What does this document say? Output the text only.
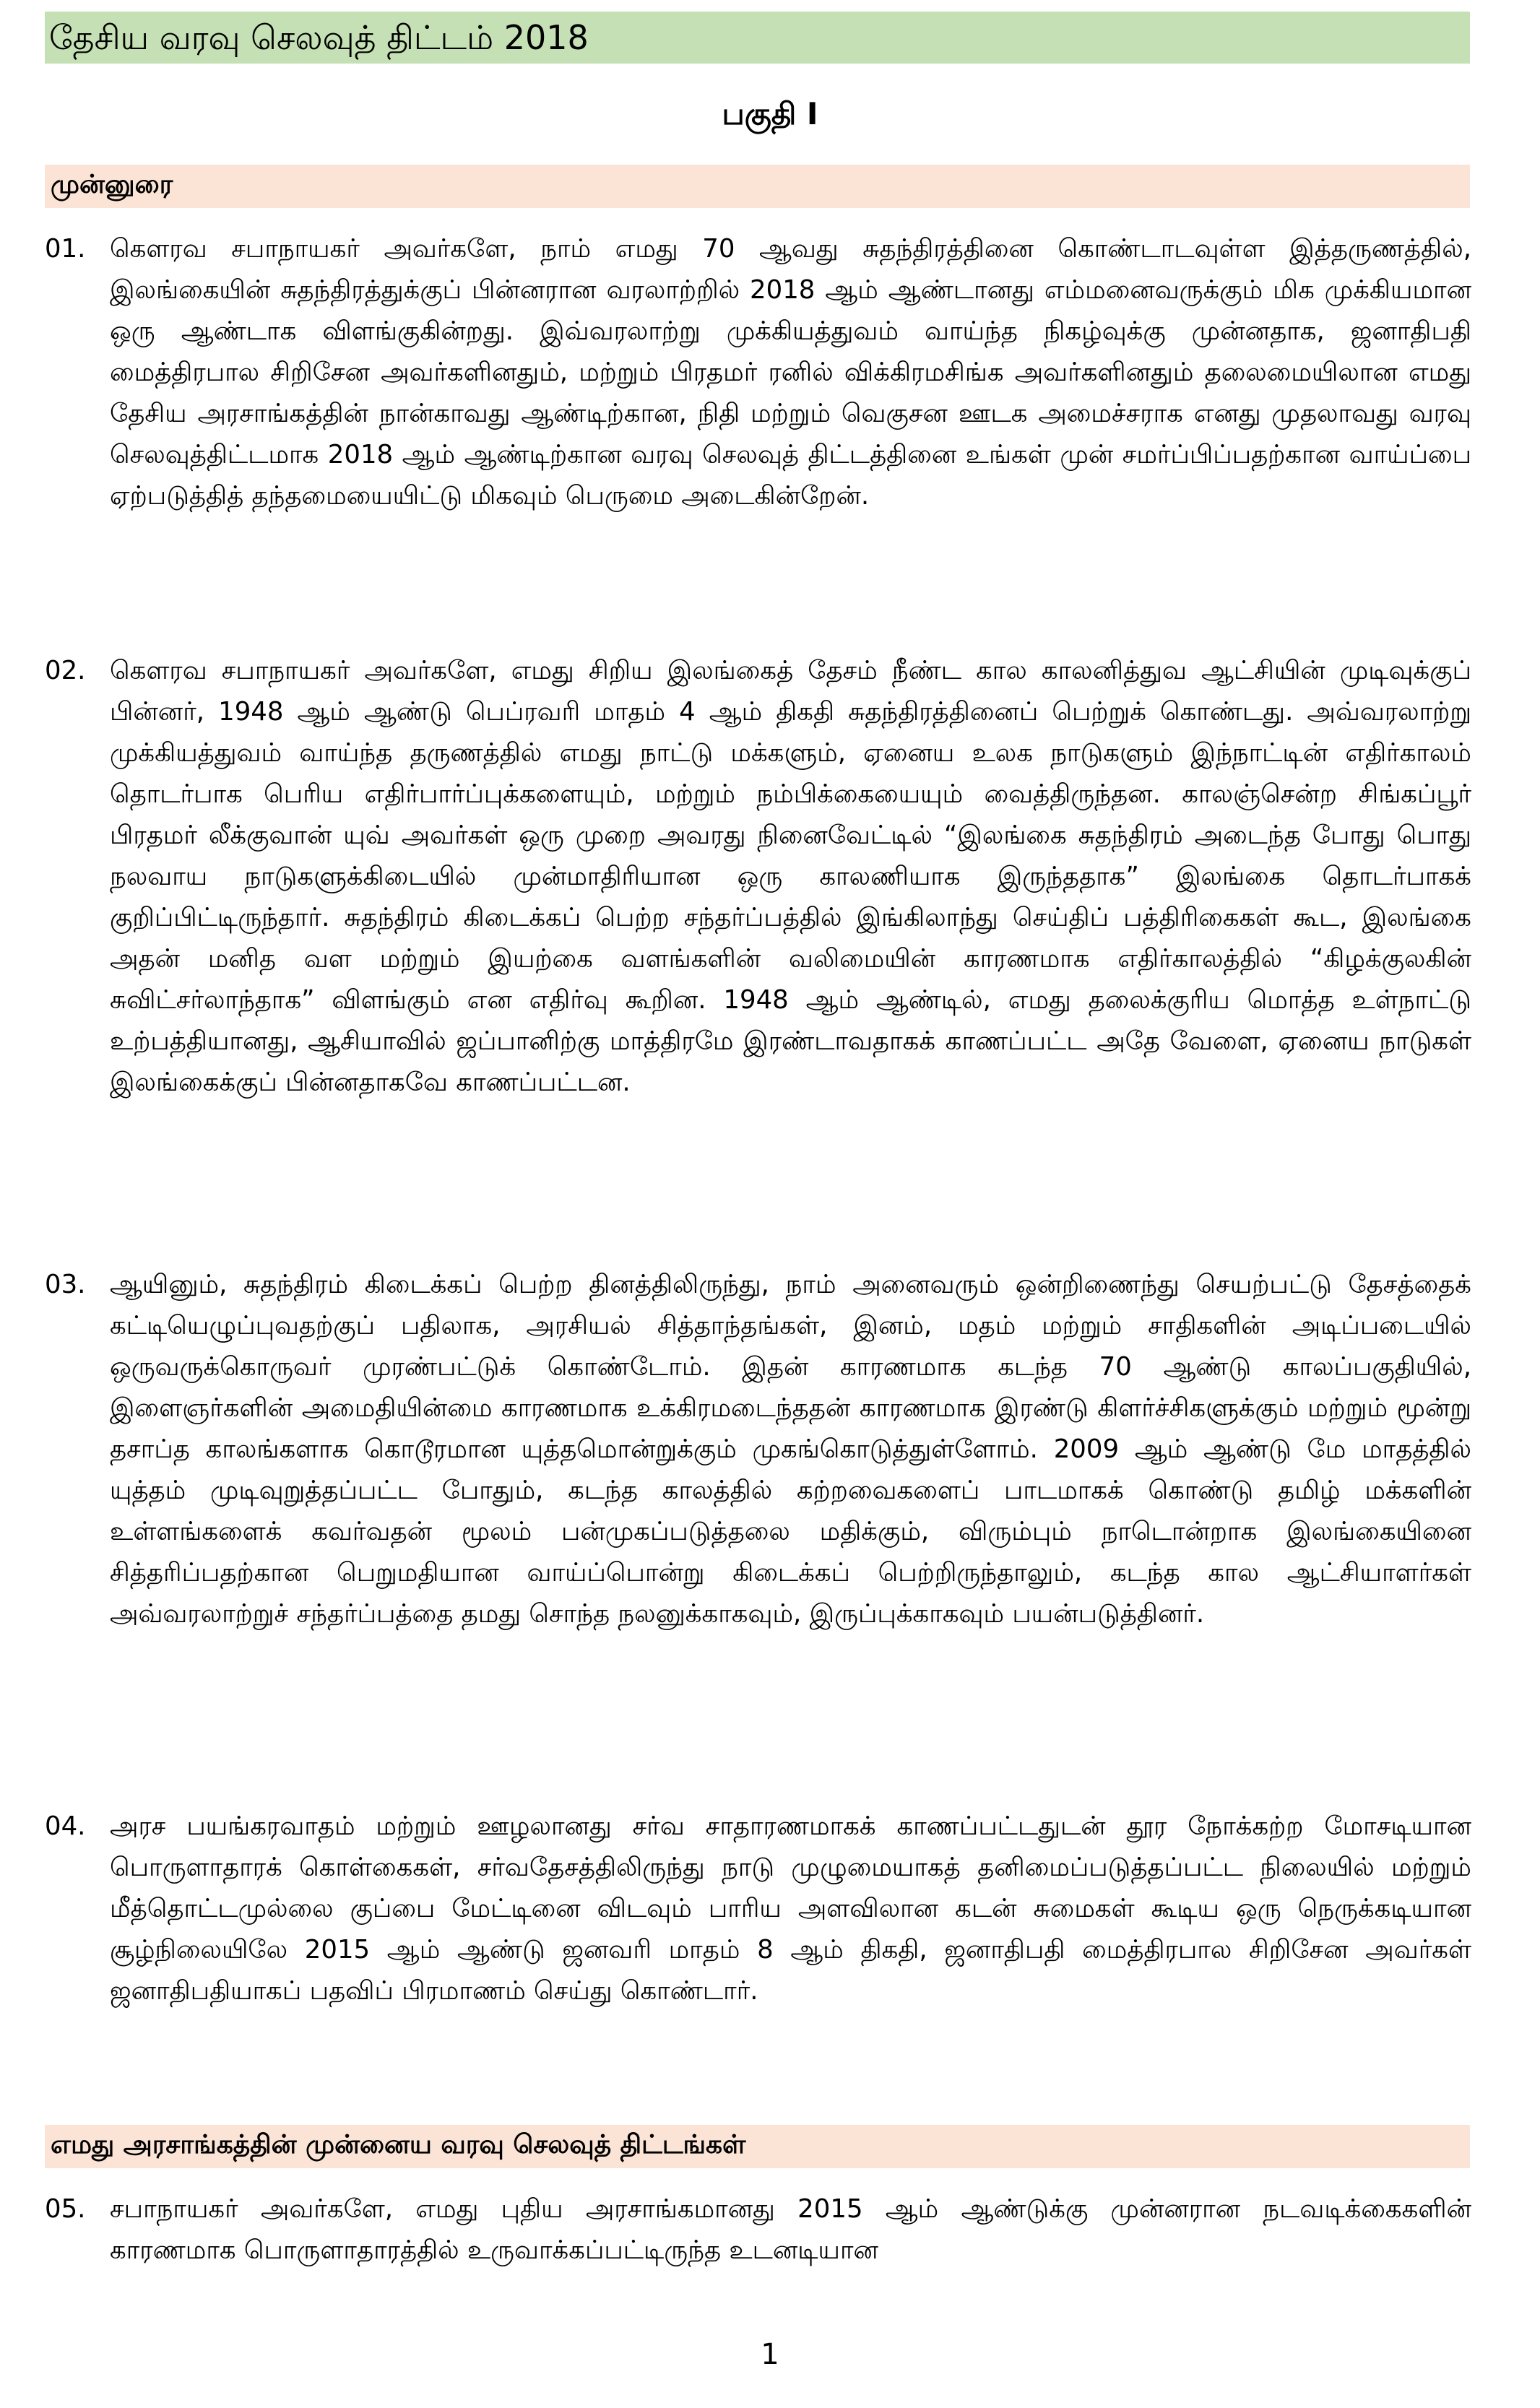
தேசிய வரவு செலவுத் திட்டம் 2018
பகுதி I
முன்னுரை
01. கௌரவ சபாநாயகர் அவர்களே, நாம் எமது 70 ஆவது சுதந்திரத்தினை கொண்டாடவுள்ள இத்தருணத்தில், இலங்கையின் சுதந்திரத்துக்குப் பின்னரான வரலாற்றில் 2018 ஆம் ஆண்டானது எம்மனைவருக்கும் மிக முக்கியமான ஒரு ஆண்டாக விளங்குகின்றது. இவ்வரலாற்று முக்கியத்துவம் வாய்ந்த நிகழ்வுக்கு முன்னதாக, ஜனாதிபதி மைத்திரபால சிறிசேன அவர்களினதும், மற்றும் பிரதமர் ரனில் விக்கிரமசிங்க அவர்களினதும் தலைமையிலான எமது தேசிய அரசாங்கத்தின் நான்காவது ஆண்டிற்கான, நிதி மற்றும் வெகுசன ஊடக அமைச்சராக எனது முதலாவது வரவு செலவுத்திட்டமாக 2018 ஆம் ஆண்டிற்கான வரவு செலவுத் திட்டத்தினை உங்கள் முன் சமர்ப்பிப்பதற்கான வாய்ப்பை ஏற்படுத்தித் தந்தமையையிட்டு மிகவும் பெருமை அடைகின்றேன்.
02. கௌரவ சபாநாயகர் அவர்களே, எமது சிறிய இலங்கைத் தேசம் நீண்ட கால காலனித்துவ ஆட்சியின் முடிவுக்குப் பின்னர், 1948 ஆம் ஆண்டு பெப்ரவரி மாதம் 4 ஆம் திகதி சுதந்திரத்தினைப் பெற்றுக் கொண்டது. அவ்வரலாற்று முக்கியத்துவம் வாய்ந்த தருணத்தில் எமது நாட்டு மக்களும், ஏனைய உலக நாடுகளும் இந்நாட்டின் எதிர்காலம் தொடர்பாக பெரிய எதிர்பார்ப்புக்களையும், மற்றும் நம்பிக்கையையும் வைத்திருந்தன. காலஞ்சென்ற சிங்கப்பூர் பிரதமர் லீக்குவான் யுவ் அவர்கள் ஒரு முறை அவரது நினைவேட்டில் “இலங்கை சுதந்திரம் அடைந்த போது பொது நலவாய நாடுகளுக்கிடையில் முன்மாதிரியான ஒரு காலணியாக இருந்ததாக” இலங்கை தொடர்பாகக் குறிப்பிட்டிருந்தார். சுதந்திரம் கிடைக்கப் பெற்ற சந்தர்ப்பத்தில் இங்கிலாந்து செய்திப் பத்திரிகைகள் கூட, இலங்கை அதன் மனித வள மற்றும் இயற்கை வளங்களின் வலிமையின் காரணமாக எதிர்காலத்தில் “கிழக்குலகின் சுவிட்சர்லாந்தாக” விளங்கும் என எதிர்வு கூறின. 1948 ஆம் ஆண்டில், எமது தலைக்குரிய மொத்த உள்நாட்டு உற்பத்தியானது, ஆசியாவில் ஜப்பானிற்கு மாத்திரமே இரண்டாவதாகக் காணப்பட்ட அதே வேளை, ஏனைய நாடுகள் இலங்கைக்குப் பின்னதாகவே காணப்பட்டன.
03. ஆயினும், சுதந்திரம் கிடைக்கப் பெற்ற தினத்திலிருந்து, நாம் அனைவரும் ஒன்றிணைந்து செயற்பட்டு தேசத்தைக் கட்டியெழுப்புவதற்குப் பதிலாக, அரசியல் சித்தாந்தங்கள், இனம், மதம் மற்றும் சாதிகளின் அடிப்படையில் ஒருவருக்கொருவர் முரண்பட்டுக் கொண்டோம். இதன் காரணமாக கடந்த 70 ஆண்டு காலப்பகுதியில், இளைஞர்களின் அமைதியின்மை காரணமாக உக்கிரமடைந்ததன் காரணமாக இரண்டு கிளர்ச்சிகளுக்கும் மற்றும் மூன்று தசாப்த காலங்களாக கொடூரமான யுத்தமொன்றுக்கும் முகங்கொடுத்துள்ளோம். 2009 ஆம் ஆண்டு மே மாதத்தில் யுத்தம் முடிவுறுத்தப்பட்ட போதும், கடந்த காலத்தில் கற்றவைகளைப் பாடமாகக் கொண்டு தமிழ் மக்களின் உள்ளங்களைக் கவர்வதன் மூலம் பன்முகப்படுத்தலை மதிக்கும், விரும்பும் நாடொன்றாக இலங்கையினை சித்தரிப்பதற்கான பெறுமதியான வாய்ப்பொன்று கிடைக்கப் பெற்றிருந்தாலும், கடந்த கால ஆட்சியாளர்கள் அவ்வரலாற்றுச் சந்தர்ப்பத்தை தமது சொந்த நலனுக்காகவும், இருப்புக்காகவும் பயன்படுத்தினர்.
04. அரச பயங்கரவாதம் மற்றும் ஊழலானது சர்வ சாதாரணமாகக் காணப்பட்டதுடன் தூர நோக்கற்ற மோசடியான பொருளாதாரக் கொள்கைகள், சர்வதேசத்திலிருந்து நாடு முழுமையாகத் தனிமைப்படுத்தப்பட்ட நிலையில் மற்றும் மீத்தொட்டமுல்லை குப்பை மேட்டினை விடவும் பாரிய அளவிலான கடன் சுமைகள் கூடிய ஒரு நெருக்கடியான சூழ்நிலையிலே 2015 ஆம் ஆண்டு ஜனவரி மாதம் 8 ஆம் திகதி, ஜனாதிபதி மைத்திரபால சிறிசேன அவர்கள் ஜனாதிபதியாகப் பதவிப் பிரமாணம் செய்து கொண்டார்.
எமது அரசாங்கத்தின் முன்னைய வரவு செலவுத் திட்டங்கள்
05. சபாநாயகர் அவர்களே, எமது புதிய அரசாங்கமானது 2015 ஆம் ஆண்டுக்கு முன்னரான நடவடிக்கைகளின் காரணமாக பொருளாதாரத்தில் உருவாக்கப்பட்டிருந்த உடனடியான
1
